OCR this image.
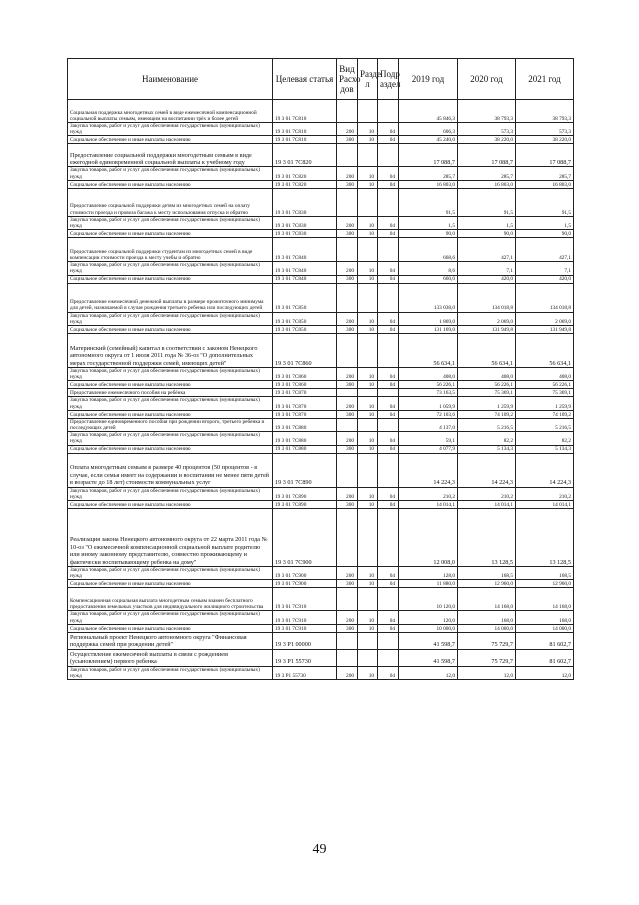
Наименование	Целевая статья	Вид Расхо дов	Разде л	Подр аздел	2019 год	2020 год	2021 год
Социальная поддержка многодетных семей в виде ежемесячной компенсационной социальной выплаты семьям, имеющим на воспитании трёх и более детей	19 3 01 7С810				45 846,3	38 793,3	38 793,3
Закупка товаров, работ и услуг для обеспечения государственных (муниципальных) нужд	19 3 01 7С810	200	10	04	606,3	573,3	573,3
Социальное обеспечение и иные выплаты населению	19 3 01 7С810	300	10	04	45 240,0	38 220,0	38 220,0
Предоставление социальной поддержки многодетным семьям в виде ежегодной единовременной социальной выплаты к учебному году	19 3 01 7С820				17 088,7	17 088,7	17 088,7
Закупка товаров, работ и услуг для обеспечения государственных (муниципальных) нужд	19 3 01 7С820	200	10	04	285,7	285,7	285,7
Социальное обеспечение и иные выплаты населению	19 3 01 7С820	300	10	04	16 803,0	16 803,0	16 803,0
Предоставление социальной поддержки детям из многодетных семей на оплату стоимости проезда и провоза багажа к месту использования отпуска и обратно	19 3 01 7С830				91,5	91,5	91,5
Закупка товаров, работ и услуг для обеспечения государственных (муниципальных) нужд	19 3 01 7С830	200	10	04	1,5	1,5	1,5
Социальное обеспечение и иные выплаты населению	19 3 01 7С830	300	10	04	90,0	90,0	90,0
Предоставление социальной поддержки студентам из многодетных семей в виде компенсации стоимости проезда к месту учебы и обратно	19 3 01 7С840				668,6	427,1	427,1
Закупка товаров, работ и услуг для обеспечения государственных (муниципальных) нужд	19 3 01 7С840	200	10	04	8,6	7,1	7,1
Социальное обеспечение и иные выплаты населению	19 3 01 7С840	300	10	04	660,0	420,0	420,0
Предоставление ежемесячной денежной выплаты в размере прожиточного минимума для детей, назначаемой в случае рождения третьего ребенка или последующих детей	19 3 01 7С850				133 038,0	134 018,8	134 018,8
Закупка товаров, работ и услуг для обеспечения государственных (муниципальных) нужд	19 3 01 7С850	200	10	04	1 869,0	2 069,0	2 069,0
Социальное обеспечение и иные выплаты населению	19 3 01 7С850	300	10	04	131 169,0	131 949,8	131 949,8
Материнский (семейный) капитал в соответствии с законом Ненецкого автономного округа от 1 июля 2011 года № 36-оз "О дополнительных мерах государственной поддержки семей, имеющих детей"	19 3 01 7С860				56 634,1	56 634,1	56 634,1
Закупка товаров, работ и услуг для обеспечения государственных (муниципальных) нужд	19 3 01 7С860	200	10	04	408,0	408,0	408,0
Социальное обеспечение и иные выплаты населению	19 3 01 7С860	300	10	04	56 226,1	56 226,1	56 226,1
Предоставление ежемесячного пособия на ребёнка	19 3 01 7С870				73 163,5	75 369,1	75 369,1
Закупка товаров, работ и услуг для обеспечения государственных (муниципальных) нужд	19 3 01 7С870	200	10	04	1 059,9	1 259,9	1 259,9
Социальное обеспечение и иные выплаты населению	19 3 01 7С870	300	10	04	72 103,6	74 109,2	74 109,2
Предоставление единовременного пособия при рождении второго, третьего ребенка и последующих детей	19 3 01 7С880				4 137,0	5 216,5	5 216,5
Закупка товаров, работ и услуг для обеспечения государственных (муниципальных) нужд	19 3 01 7С880	200	10	04	59,1	82,2	82,2
Социальное обеспечение и иные выплаты населению	19 3 01 7С880	300	10	04	4 077,9	5 134,3	5 134,3
Оплата многодетным семьям в размере 40 процентов (50 процентов - в случае, если семья имеет на содержании и воспитании не менее пяти детей в возрасте до 18 лет) стоимости коммунальных услуг	19 3 01 7С890				14 224,3	14 224,3	14 224,3
Закупка товаров, работ и услуг для обеспечения государственных (муниципальных) нужд	19 3 01 7С890	200	10	04	210,2	210,2	210,2
Социальное обеспечение и иные выплаты населению	19 3 01 7С890	300	10	04	14 014,1	14 014,1	14 014,1
Реализация закона Ненецкого автономного округа от 22 марта 2011 года № 10-оз "О ежемесячной компенсационной социальной выплате родителю или иному законному представителю, совместно проживающему и фактически воспитывающему ребенка на дому"	19 3 01 7С900				12 008,0	13 128,5	13 128,5
Закупка товаров, работ и услуг для обеспечения государственных (муниципальных) нужд	19 3 01 7С900	200	10	04	128,0	168,5	168,5
Социальное обеспечение и иные выплаты населению	19 3 01 7С900	300	10	04	11 880,0	12 960,0	12 960,0
Компенсационная социальная выплата многодетным семьям взамен бесплатного предоставления земельных участков для индивидуального жилищного строительства	19 3 01 7С910				10 120,0	14 168,0	14 168,0
Закупка товаров, работ и услуг для обеспечения государственных (муниципальных) нужд	19 3 01 7С910	200	10	04	120,0	168,0	168,0
Социальное обеспечение и иные выплаты населению	19 3 01 7С910	300	10	04	10 000,0	14 000,0	14 000,0
Региональный проект Ненецкого автономного округа "Финансовая поддержка семей при рождении детей"	19 3 P1 00000				41 598,7	75 729,7	81 602,7
Осуществление ежемесячной выплаты в связи с рождением (усыновлением) первого ребенка	19 3 P1 55730				41 598,7	75 729,7	81 602,7
Закупка товаров, работ и услуг для обеспечения государственных (муниципальных) нужд	19 3 P1 55730	200	10	04	12,0	12,0	12,0
49
